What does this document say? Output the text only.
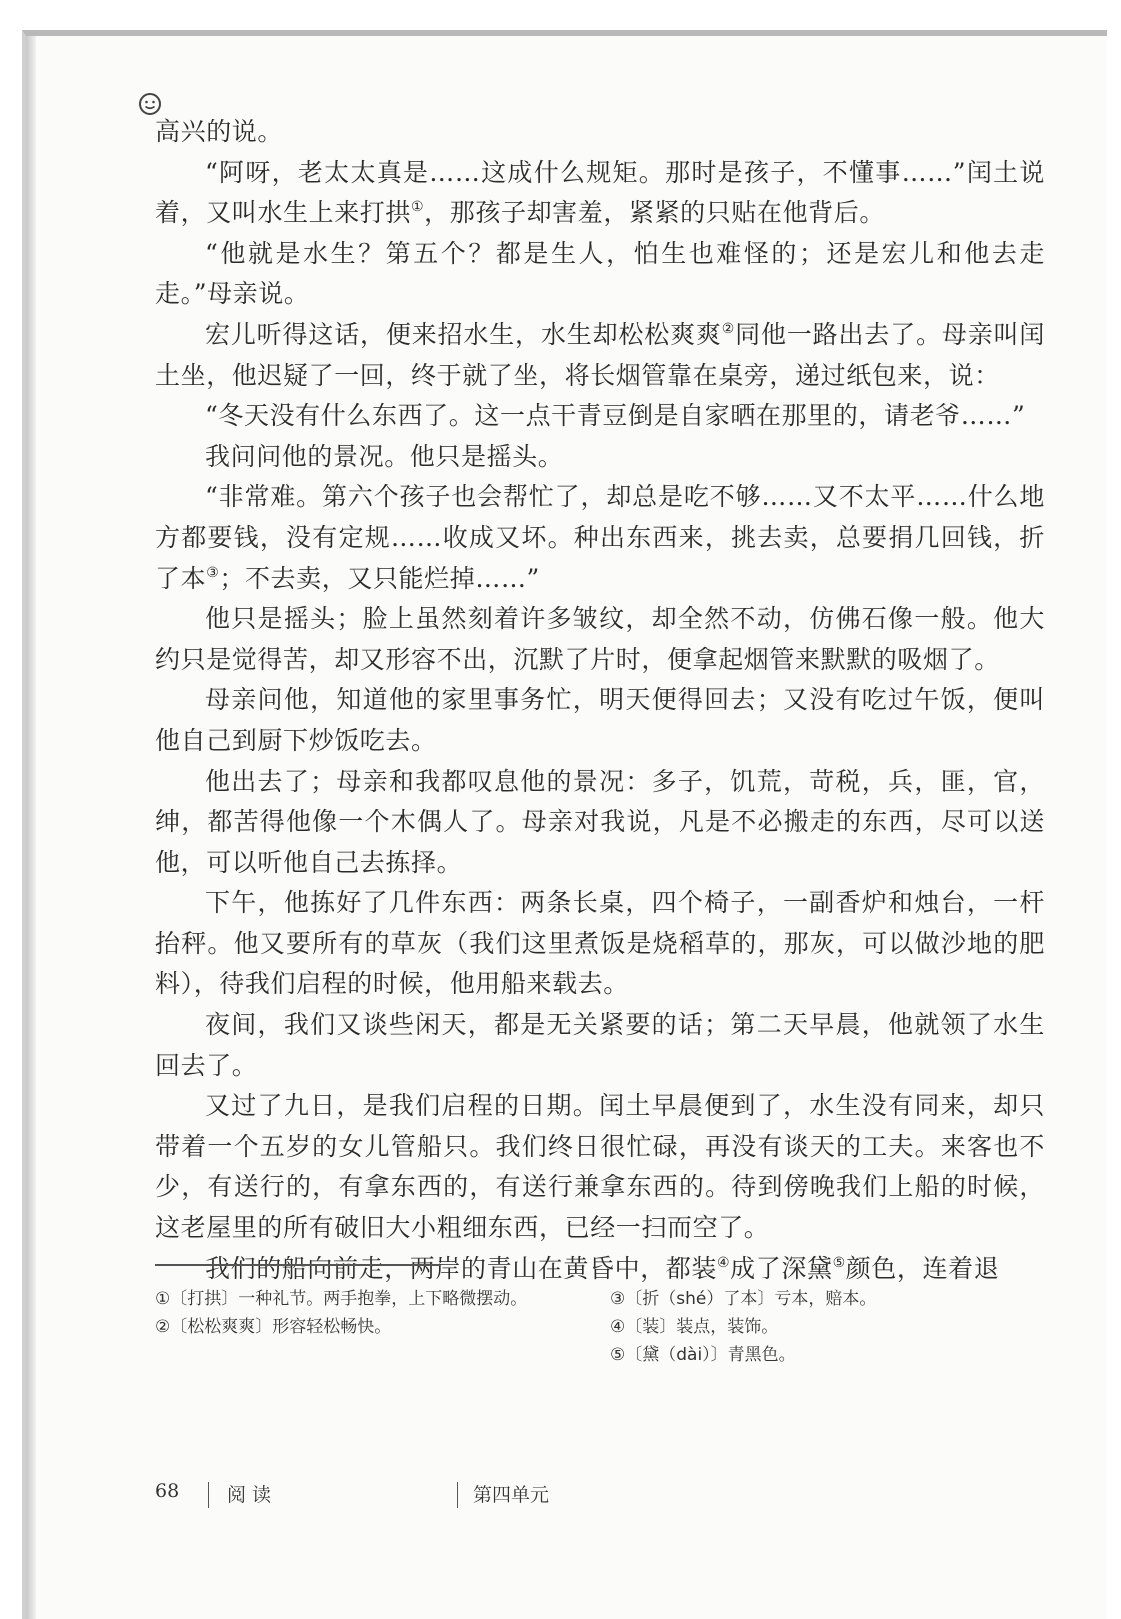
高兴的说。

“阿呀，老太太真是……这成什么规矩。那时是孩子，不懂事……”闰土说着，又叫水生上来打拱①，那孩子却害羞，紧紧的只贴在他背后。

“他就是水生？第五个？都是生人，怕生也难怪的；还是宏儿和他去走走。”母亲说。

宏儿听得这话，便来招水生，水生却松松爽爽②同他一路出去了。母亲叫闰土坐，他迟疑了一回，终于就了坐，将长烟管靠在桌旁，递过纸包来，说：

“冬天没有什么东西了。这一点干青豆倒是自家晒在那里的，请老爷……”

我问问他的景况。他只是摇头。

“非常难。第六个孩子也会帮忙了，却总是吃不够……又不太平……什么地方都要钱，没有定规……收成又坏。种出东西来，挑去卖，总要捐几回钱，折了本③；不去卖，又只能烂掉……”

他只是摇头；脸上虽然刻着许多皱纹，却全然不动，仿佛石像一般。他大约只是觉得苦，却又形容不出，沉默了片时，便拿起烟管来默默的吸烟了。

母亲问他，知道他的家里事务忙，明天便得回去；又没有吃过午饭，便叫他自己到厨下炒饭吃去。

他出去了；母亲和我都叹息他的景况：多子，饥荒，苛税，兵，匪，官，绅，都苦得他像一个木偶人了。母亲对我说，凡是不必搬走的东西，尽可以送他，可以听他自己去拣择。

下午，他拣好了几件东西：两条长桌，四个椅子，一副香炉和烛台，一杆抬秤。他又要所有的草灰（我们这里煮饭是烧稻草的，那灰，可以做沙地的肥料），待我们启程的时候，他用船来载去。

夜间，我们又谈些闲天，都是无关紧要的话；第二天早晨，他就领了水生回去了。

又过了九日，是我们启程的日期。闰土早晨便到了，水生没有同来，却只带着一个五岁的女儿管船只。我们终日很忙碌，再没有谈天的工夫。来客也不少，有送行的，有拿东西的，有送行兼拿东西的。待到傍晚我们上船的时候，这老屋里的所有破旧大小粗细东西，已经一扫而空了。

我们的船向前走，两岸的青山在黄昏中，都装④成了深黛⑤颜色，连着退

①〔打拱〕一种礼节。两手抱拳，上下略微摆动。

②〔松松爽爽〕形容轻松畅快。

③〔折（shé）了本〕亏本，赔本。

④〔装〕装点，装饰。

⑤〔黛（dài）〕青黑色。

68	阅读	第四单元
